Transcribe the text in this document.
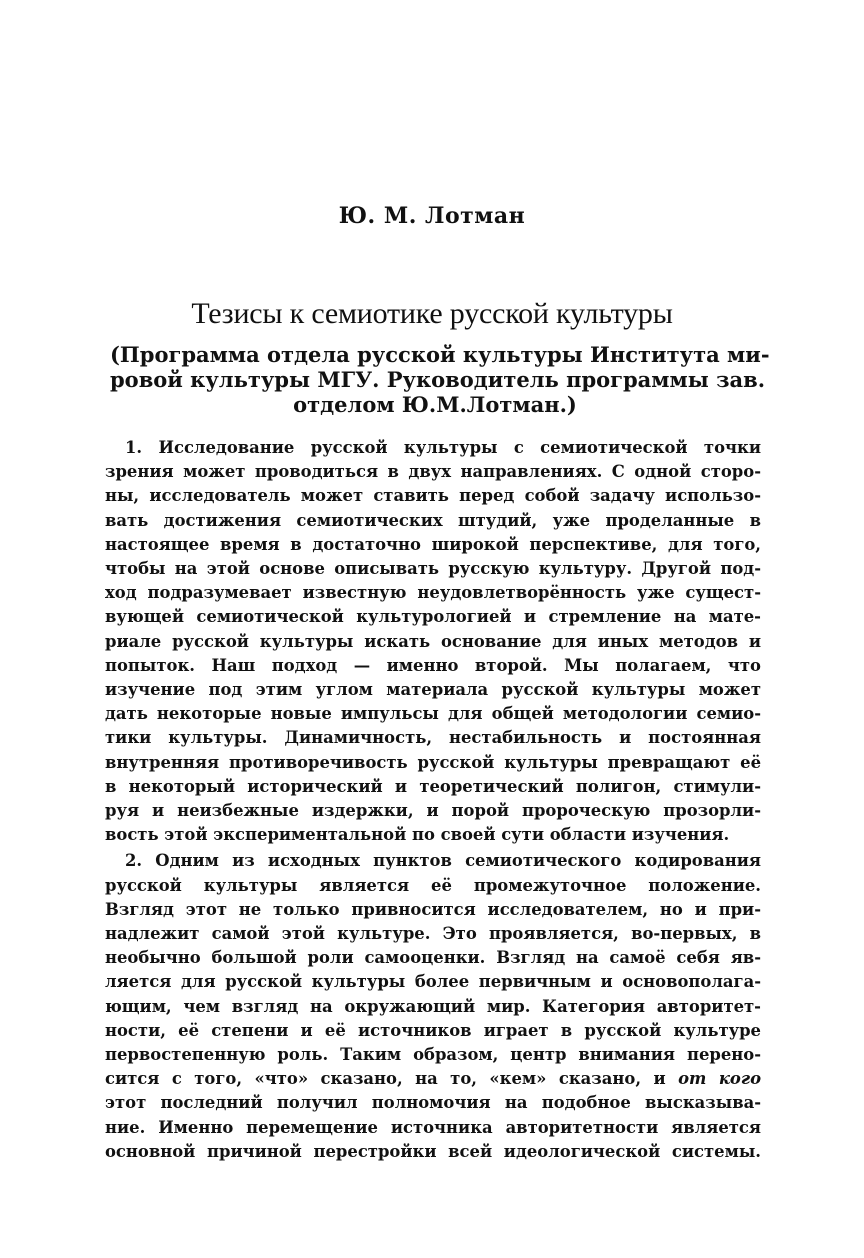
Ю. М. Лотман
Тезисы к семиотике русской культуры
(Программа отдела русской культуры Института ми-
ровой культуры МГУ. Руководитель программы зав.
отделом Ю.М.Лотман.)
1. Исследование русской культуры с семиотической точки
зрения может проводиться в двух направлениях. С одной сторо-
ны, исследователь может ставить перед собой задачу использо-
вать достижения семиотических штудий, уже проделанные в
настоящее время в достаточно широкой перспективе, для того,
чтобы на этой основе описывать русскую культуру. Другой под-
ход подразумевает известную неудовлетворённость уже сущест-
вующей семиотической культурологией и стремление на мате-
риале русской культуры искать основание для иных методов и
попыток. Наш подход — именно второй. Мы полагаем, что
изучение под этим углом материала русской культуры может
дать некоторые новые импульсы для общей методологии семио-
тики культуры. Динамичность, нестабильность и постоянная
внутренняя противоречивость русской культуры превращают её
в некоторый исторический и теоретический полигон, стимули-
руя и неизбежные издержки, и порой пророческую прозорли-
вость этой экспериментальной по своей сути области изучения.
2. Одним из исходных пунктов семиотического кодирования
русской культуры является её промежуточное положение.
Взгляд этот не только привносится исследователем, но и при-
надлежит самой этой культуре. Это проявляется, во-первых, в
необычно большой роли самооценки. Взгляд на самоё себя яв-
ляется для русской культуры более первичным и основополага-
ющим, чем взгляд на окружающий мир. Категория авторитет-
ности, её степени и её источников играет в русской культуре
первостепенную роль. Таким образом, центр внимания перено-
сится с того, «что» сказано, на то, «кем» сказано, и от кого
этот последний получил полномочия на подобное высказыва-
ние. Именно перемещение источника авторитетности является
основной причиной перестройки всей идеологической системы.
